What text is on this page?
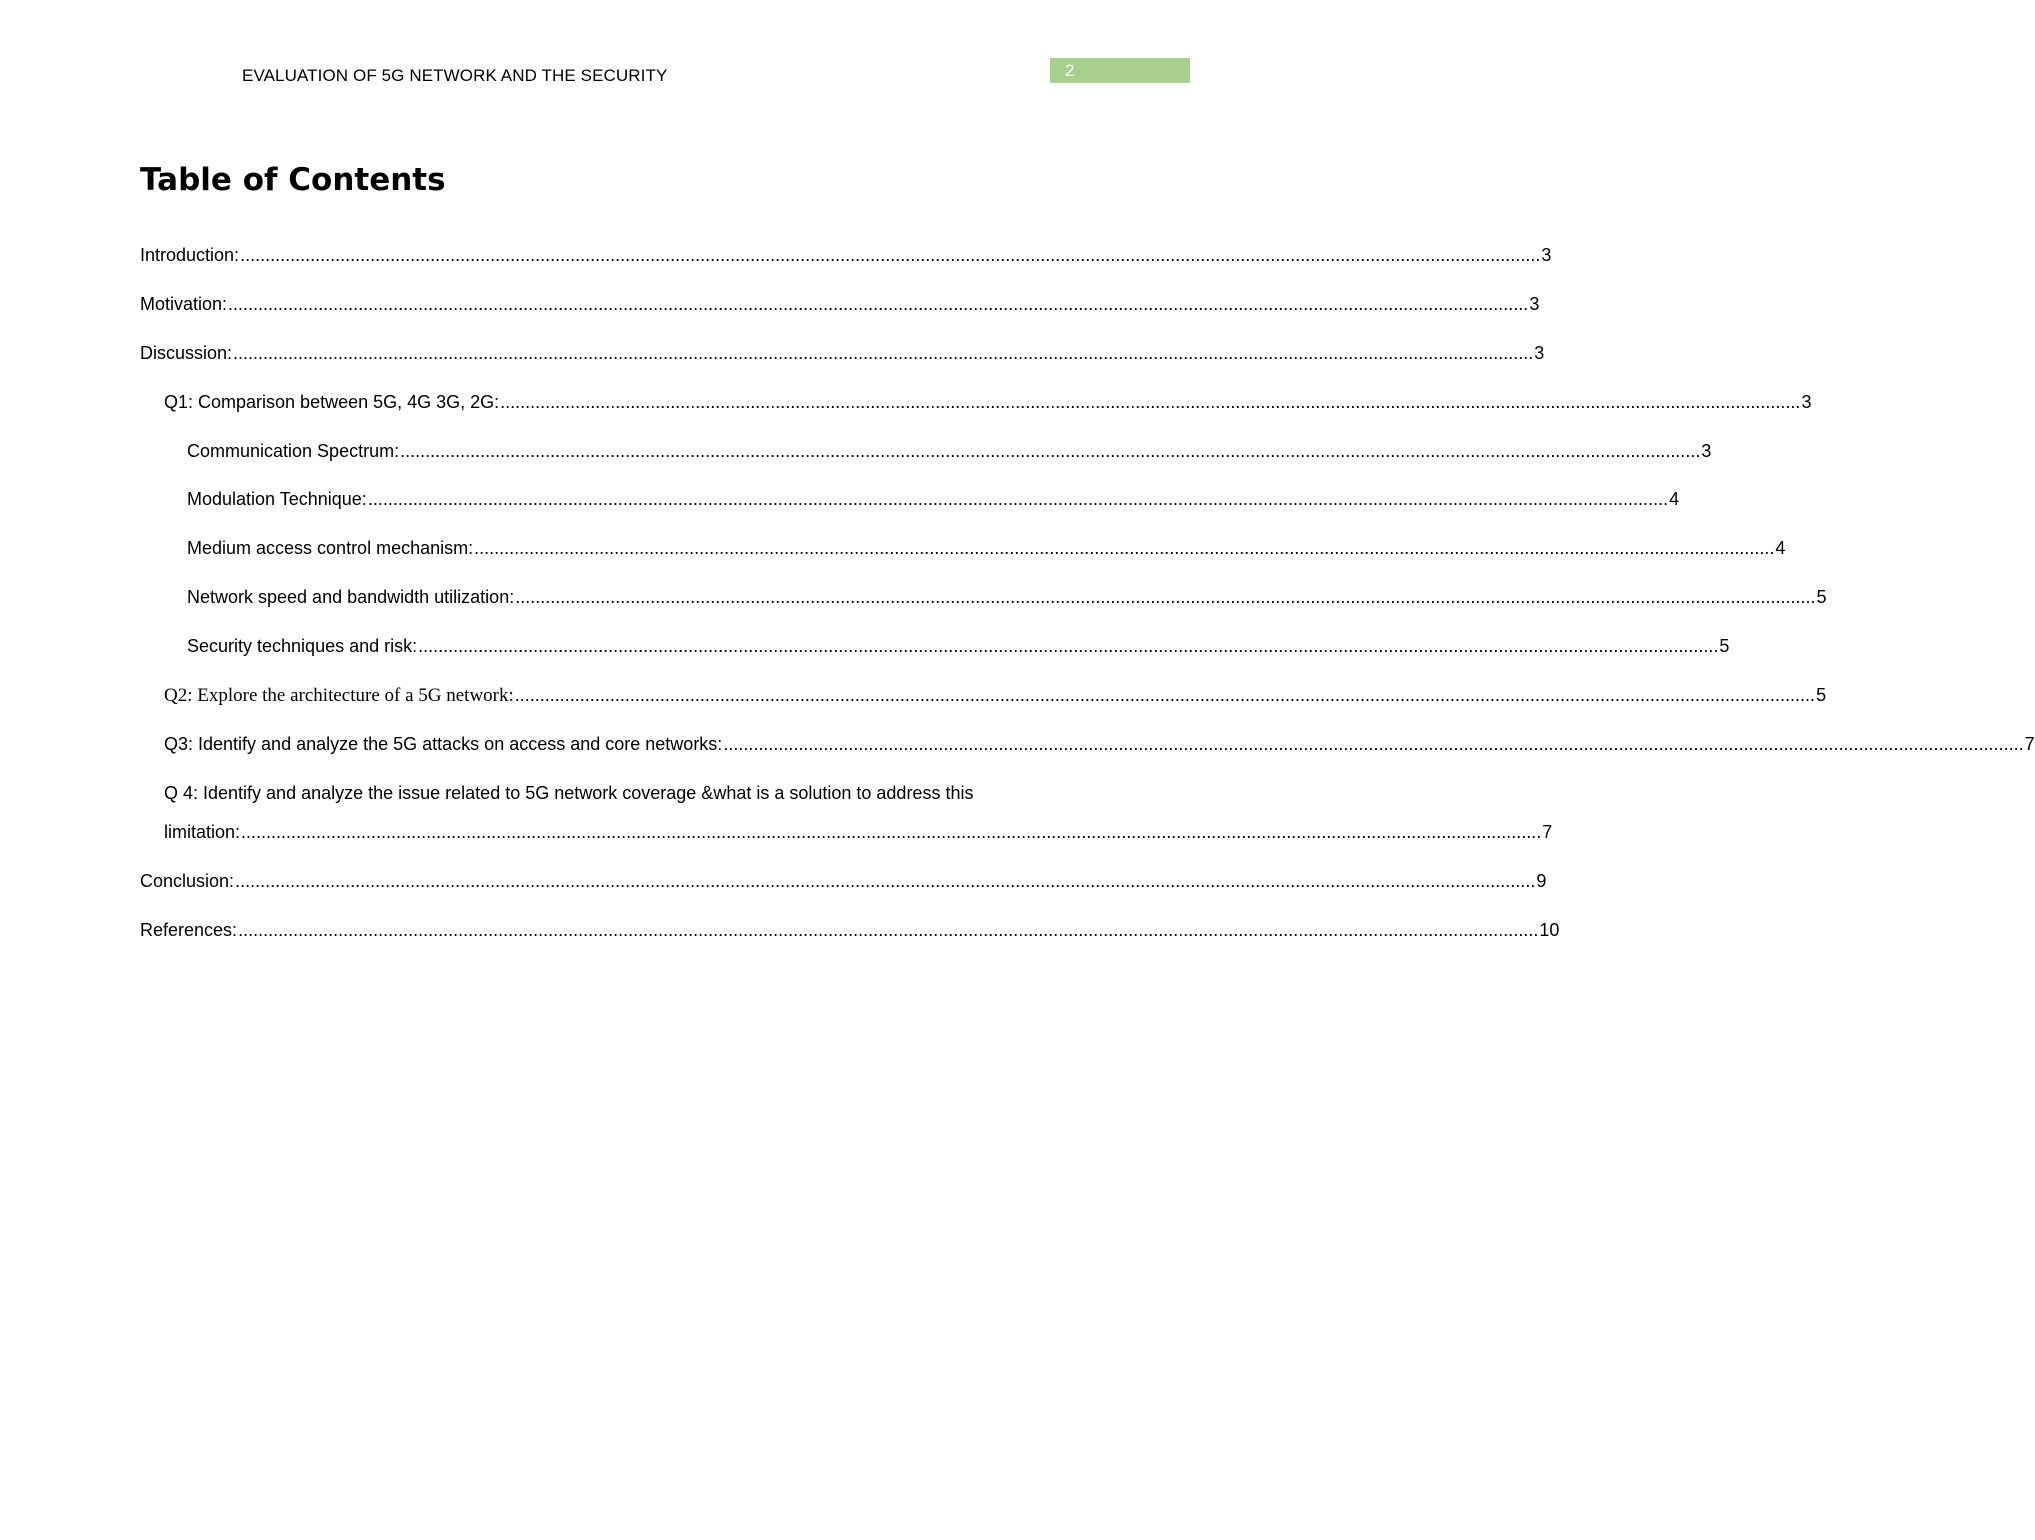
EVALUATION OF 5G NETWORK AND THE SECURITY	2
Table of Contents
Introduction: .................................................................................................................................................................................................................................................................... 3
Motivation: .................................................................................................................................................................................................................................................................... 3
Discussion: .................................................................................................................................................................................................................................................................... 3
Q1: Comparison between 5G, 4G 3G, 2G: .................................................................................................................................................................................................................................................................... 3
Communication Spectrum: .................................................................................................................................................................................................................................................................... 3
Modulation Technique: .................................................................................................................................................................................................................................................................... 4
Medium access control mechanism: .................................................................................................................................................................................................................................................................... 4
Network speed and bandwidth utilization: .................................................................................................................................................................................................................................................................... 5
Security techniques and risk: .................................................................................................................................................................................................................................................................... 5
Q2: Explore the architecture of a 5G network: .................................................................................................................................................................................................................................................................... 5
Q3: Identify and analyze the 5G attacks on access and core networks: .................................................................................................................................................................................................................................................................... 7
Q 4: Identify and analyze the issue related to 5G network coverage &what is a solution to address this
limitation: .................................................................................................................................................................................................................................................................... 7
Conclusion: .................................................................................................................................................................................................................................................................... 9
References: .................................................................................................................................................................................................................................................................... 10
